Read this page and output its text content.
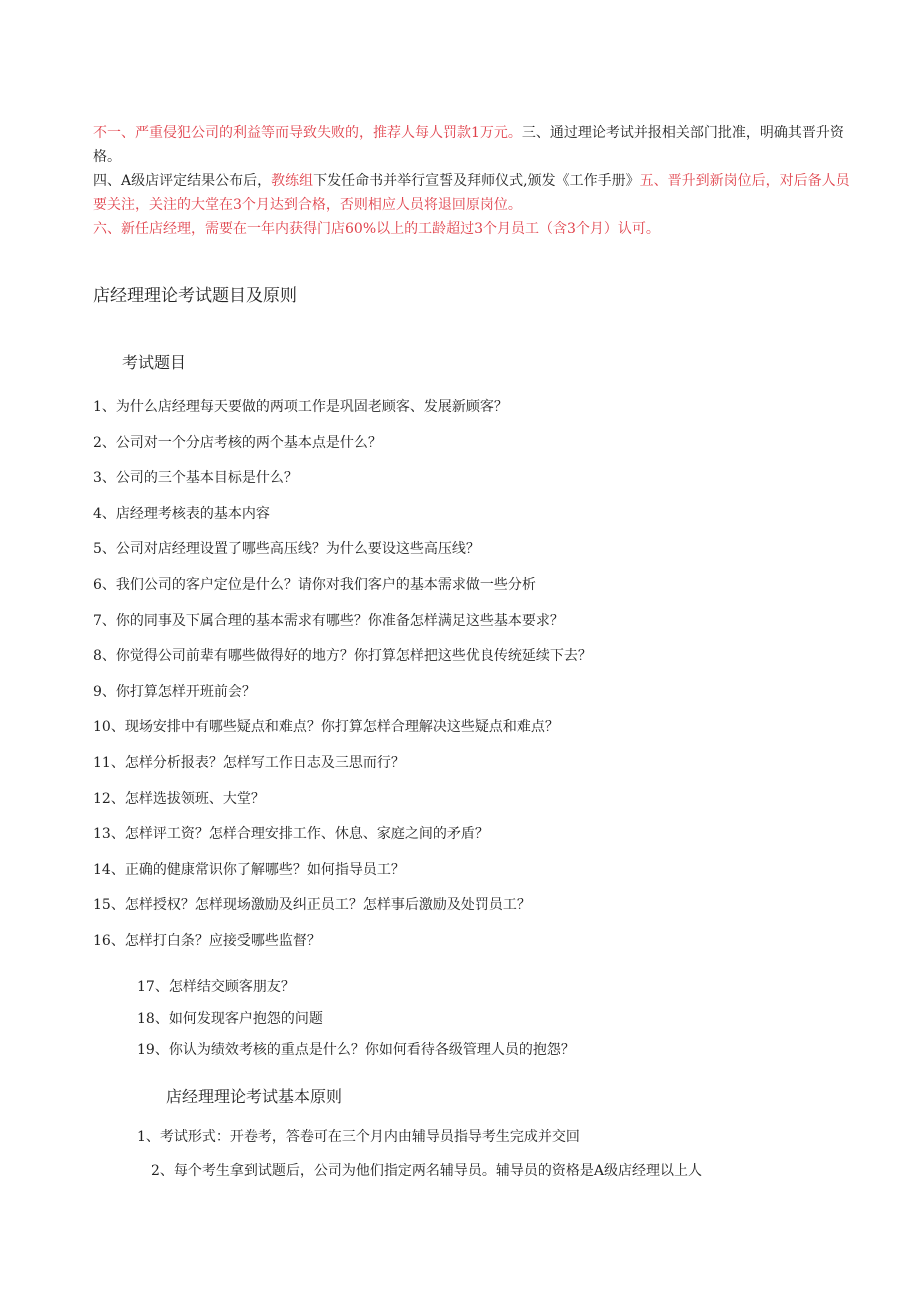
不一、严重侵犯公司的利益等而导致失败的，推荐人每人罚款1万元。三、通过理论考试并报相关部门批准，明确其晋升资格。

四、A级店评定结果公布后，教练组下发任命书并举行宣誓及拜师仪式,颁发《工作手册》五、晋升到新岗位后，对后备人员要关注，关注的大堂在3个月达到合格，否则相应人员将退回原岗位。

六、新任店经理，需要在一年内获得门店60%以上的工龄超过3个月员工（含3个月）认可。

店经理理论考试题目及原则
考试题目
1、为什么店经理每天要做的两项工作是巩固老顾客、发展新顾客？
2、公司对一个分店考核的两个基本点是什么？
3、公司的三个基本目标是什么？
4、店经理考核表的基本内容
5、公司对店经理设置了哪些高压线？为什么要设这些高压线？
6、我们公司的客户定位是什么？请你对我们客户的基本需求做一些分析
7、你的同事及下属合理的基本需求有哪些？你准备怎样满足这些基本要求？
8、你觉得公司前辈有哪些做得好的地方？你打算怎样把这些优良传统延续下去？
9、你打算怎样开班前会？
10、现场安排中有哪些疑点和难点？你打算怎样合理解决这些疑点和难点？
11、怎样分析报表？怎样写工作日志及三思而行？
12、怎样选拔领班、大堂？
13、怎样评工资？怎样合理安排工作、休息、家庭之间的矛盾？
14、正确的健康常识你了解哪些？如何指导员工？
15、怎样授权？怎样现场激励及纠正员工？怎样事后激励及处罚员工？
16、怎样打白条？应接受哪些监督？
17、怎样结交顾客朋友？
18、如何发现客户抱怨的问题
19、你认为绩效考核的重点是什么？你如何看待各级管理人员的抱怨？
店经理理论考试基本原则

1、考试形式：开卷考，答卷可在三个月内由辅导员指导考生完成并交回

2、每个考生拿到试题后，公司为他们指定两名辅导员。辅导员的资格是A级店经理以上人
